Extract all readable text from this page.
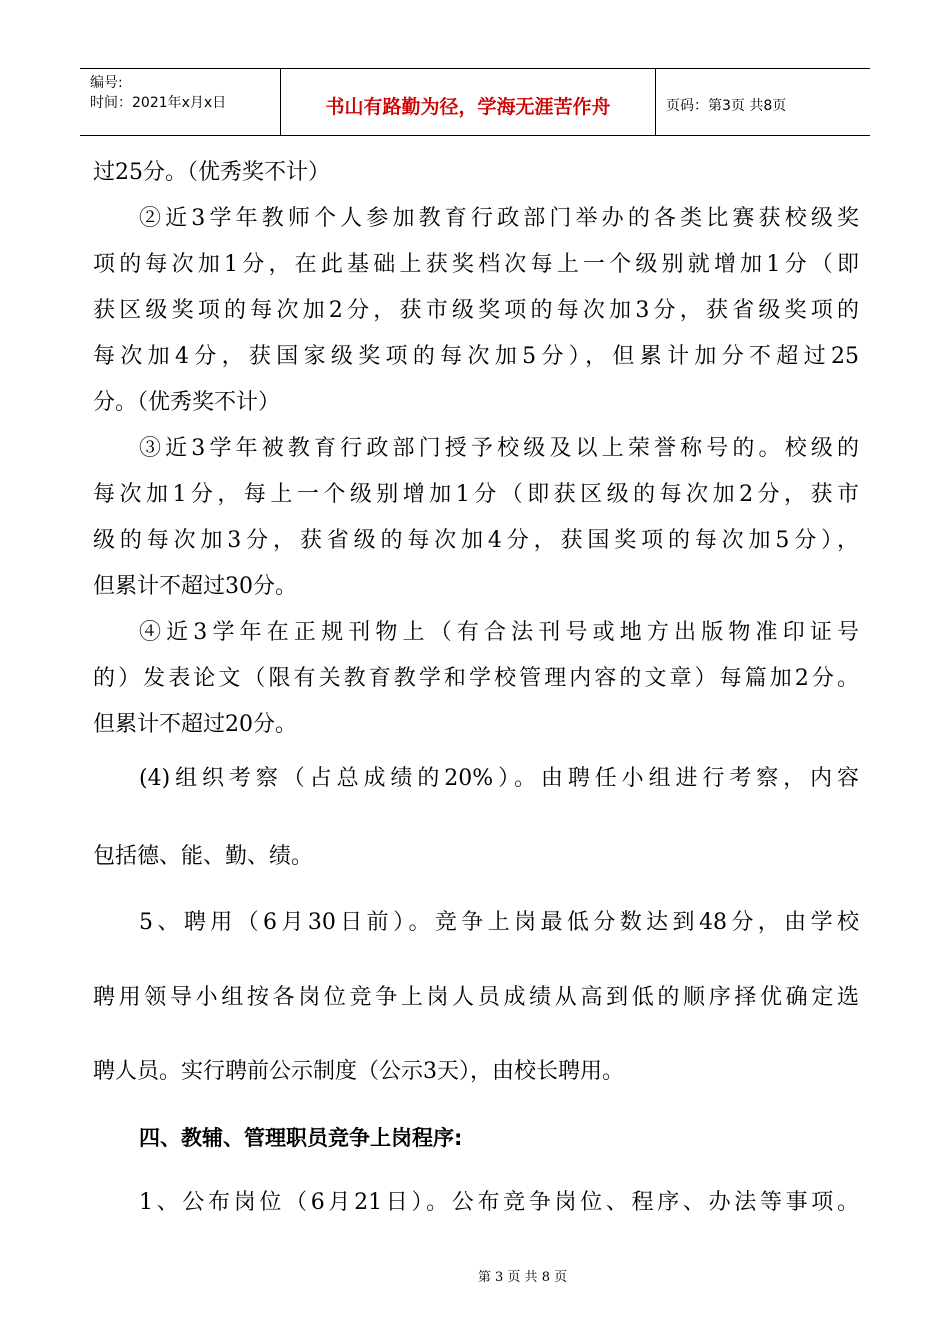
编号:
时间：2021年x月x日	书山有路勤为径，学海无涯苦作舟	页码：第3页 共8页
过25分。（优秀奖不计）
②近3学年教师个人参加教育行政部门举办的各类比赛获校级奖
项的每次加1分，在此基础上获奖档次每上一个级别就增加1分（即
获区级奖项的每次加2分，获市级奖项的每次加3分，获省级奖项的
每次加4分，获国家级奖项的每次加5分），但累计加分不超过25
分。（优秀奖不计）
③近3学年被教育行政部门授予校级及以上荣誉称号的。校级的
每次加1分，每上一个级别增加1分（即获区级的每次加2分，获市
级的每次加3分，获省级的每次加4分，获国奖项的每次加5分），
但累计不超过30分。
④近3学年在正规刊物上（有合法刊号或地方出版物准印证号
的）发表论文（限有关教育教学和学校管理内容的文章）每篇加2分。
但累计不超过20分。
(4)组织考察（占总成绩的20%）。由聘任小组进行考察，内容
包括德、能、勤、绩。
5、聘用（6月30日前）。竞争上岗最低分数达到48分，由学校
聘用领导小组按各岗位竞争上岗人员成绩从高到低的顺序择优确定选
聘人员。实行聘前公示制度（公示3天），由校长聘用。
四、教辅、管理职员竞争上岗程序:
1、公布岗位（6月21日）。公布竞争岗位、程序、办法等事项。
第 3 页 共 8 页
